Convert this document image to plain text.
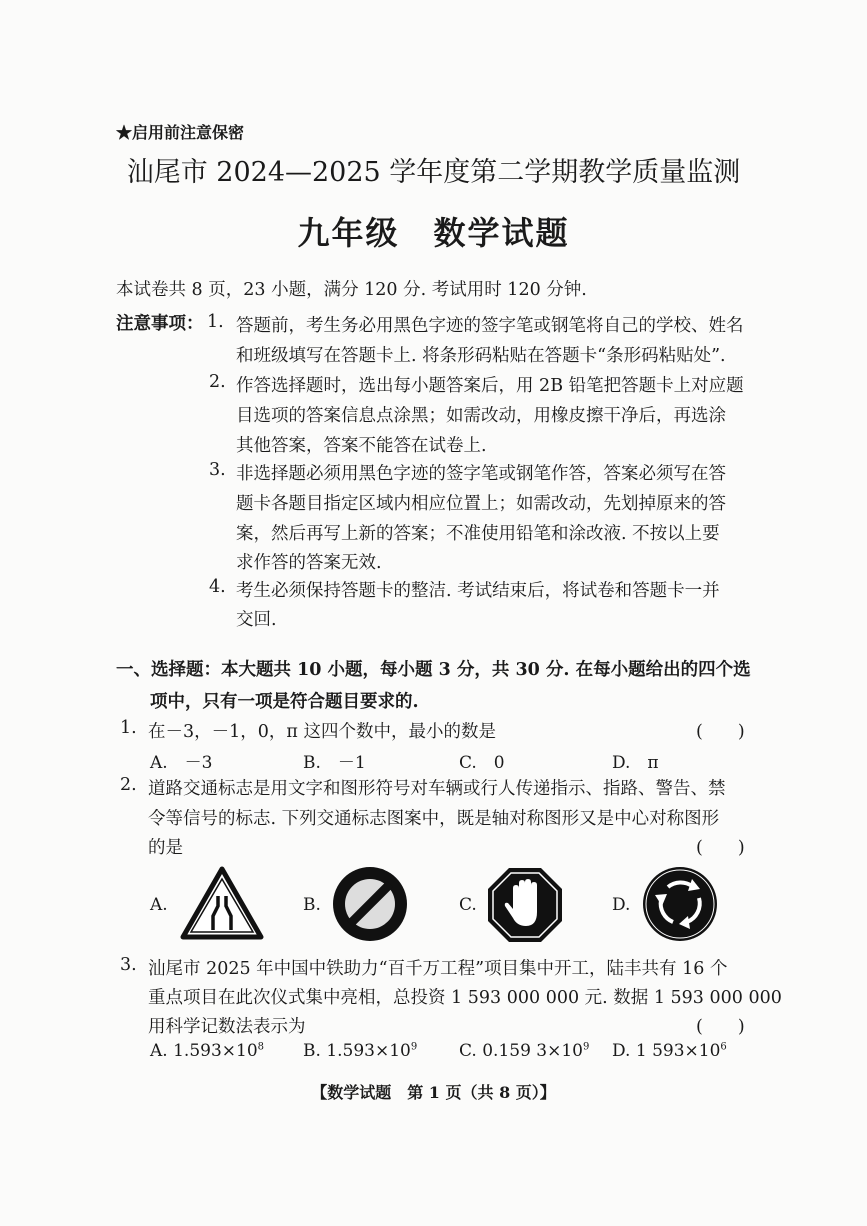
★启用前注意保密
汕尾市 2024—2025 学年度第二学期教学质量监测
九年级 数学试题
本试卷共 8 页，23 小题，满分 120 分. 考试用时 120 分钟.
注意事项： 1. 答题前，考生务必用黑色字迹的签字笔或钢笔将自己的学校、姓名
和班级填写在答题卡上. 将条形码粘贴在答题卡“条形码粘贴处”.
2. 作答选择题时，选出每小题答案后，用 2B 铅笔把答题卡上对应题
目选项的答案信息点涂黑；如需改动，用橡皮擦干净后，再选涂
其他答案，答案不能答在试卷上.
3. 非选择题必须用黑色字迹的签字笔或钢笔作答，答案必须写在答
题卡各题目指定区域内相应位置上；如需改动，先划掉原来的答
案，然后再写上新的答案；不准使用铅笔和涂改液. 不按以上要
求作答的答案无效.
4. 考生必须保持答题卡的整洁. 考试结束后，将试卷和答题卡一并
交回.
一、选择题：本大题共 10 小题，每小题 3 分，共 30 分. 在每小题给出的四个选
项中，只有一项是符合题目要求的.
1. 在－3，－1，0，π 这四个数中，最小的数是	(　　)
A.　－3	B.　－1	C.　0	D.　π
2. 道路交通标志是用文字和图形符号对车辆或行人传递指示、指路、警告、禁
令等信号的标志. 下列交通标志图案中，既是轴对称图形又是中心对称图形
的是	(　　)
A.	B.	C.	D.
3. 汕尾市 2025 年中国中铁助力“百千万工程”项目集中开工，陆丰共有 16 个
重点项目在此次仪式集中亮相，总投资 1 593 000 000 元. 数据 1 593 000 000
用科学记数法表示为	(　　)
A. $1.593\times 10^8$ B. $1.593\times 10^9$ C. 0.159 $3\times 10^9$ D. 1 $593\times 10^6$
【数学试题　第 1 页（共 8 页）】
